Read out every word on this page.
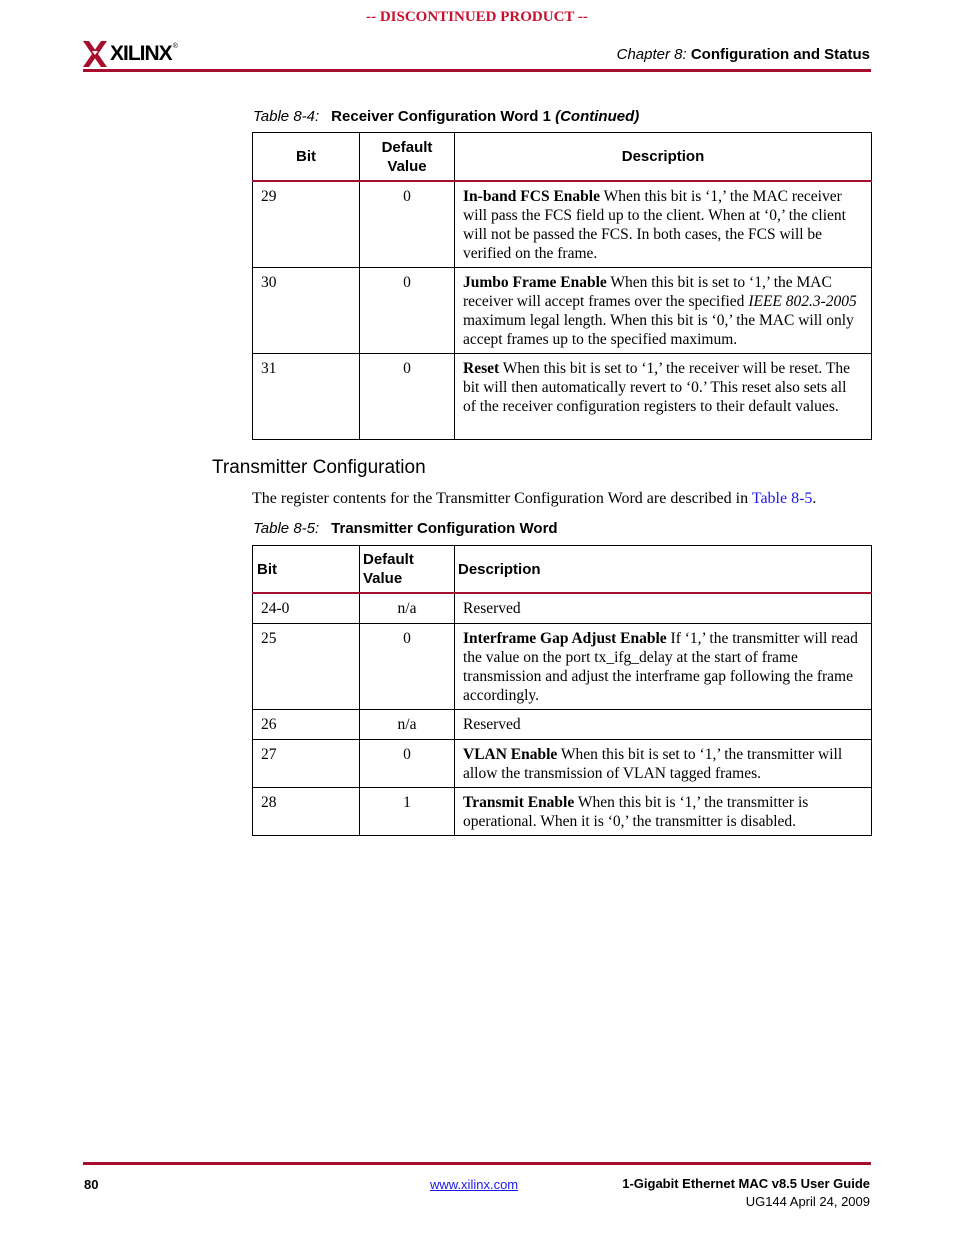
-- DISCONTINUED PRODUCT --
XILINX ®	Chapter 8: Configuration and Status
Table 8-4: Receiver Configuration Word 1 (Continued)
Bit	Default Value	Description
29	0	In-band FCS Enable When this bit is ‘1,’ the MAC receiver will pass the FCS field up to the client. When at ‘0,’ the client will not be passed the FCS. In both cases, the FCS will be verified on the frame.
30	0	Jumbo Frame Enable When this bit is set to ‘1,’ the MAC receiver will accept frames over the specified IEEE 802.3-2005 maximum legal length. When this bit is ‘0,’ the MAC will only accept frames up to the specified maximum.
31	0	Reset When this bit is set to ‘1,’ the receiver will be reset. The bit will then automatically revert to ‘0.’ This reset also sets all of the receiver configuration registers to their default values.
Transmitter Configuration
The register contents for the Transmitter Configuration Word are described in Table 8-5.
Table 8-5: Transmitter Configuration Word
Bit	Default Value	Description
24-0	n/a	Reserved
25	0	Interframe Gap Adjust Enable If ‘1,’ the transmitter will read the value on the port tx_ifg_delay at the start of frame transmission and adjust the interframe gap following the frame accordingly.
26	n/a	Reserved
27	0	VLAN Enable When this bit is set to ‘1,’ the transmitter will allow the transmission of VLAN tagged frames.
28	1	Transmit Enable When this bit is ‘1,’ the transmitter is operational. When it is ‘0,’ the transmitter is disabled.
80	www.xilinx.com	1-Gigabit Ethernet MAC v8.5 User Guide
UG144 April 24, 2009
